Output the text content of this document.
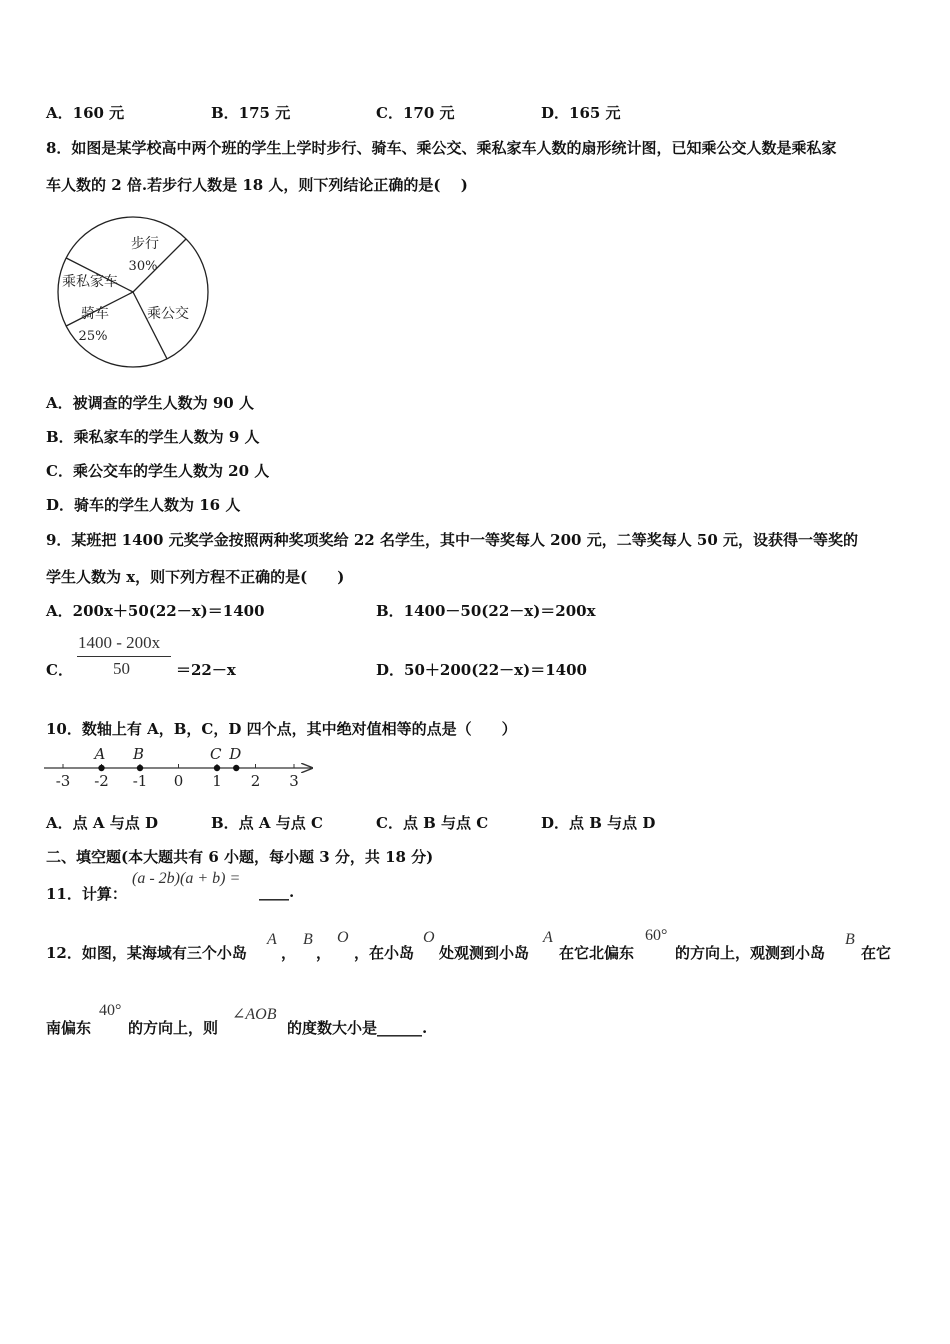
A．160 元	B．175 元	C．170 元	D．165 元
8．如图是某学校高中两个班的学生上学时步行、骑车、乘公交、乘私家车人数的扇形统计图，已知乘公交人数是乘私家
车人数的 2 倍.若步行人数是 18 人，则下列结论正确的是(　 )
步行
30%
乘公交
骑车
25%
乘私家车
A．被调查的学生人数为 90 人
B．乘私家车的学生人数为 9 人
C．乘公交车的学生人数为 20 人
D．骑车的学生人数为 16 人
9．某班把 1400 元奖学金按照两种奖项奖给 22 名学生，其中一等奖每人 200 元，二等奖每人 50 元，设获得一等奖的
学生人数为 x，则下列方程不正确的是(　　)
A．200x＋50(22－x)＝1400	B．1400－50(22－x)＝200x
C．
1400 - 200x
50	＝22－x	D．50＋200(22－x)＝1400
10．数轴上有 A，B，C，D 四个点，其中绝对值相等的点是（　　）
-3 -2 -1 0 1 2 3
A B	C D
A．点 A 与点 D	B．点 A 与点 C	C．点 B 与点 C	D．点 B 与点 D
二、填空题(本大题共有 6 小题，每小题 3 分，共 18 分)
11．计算：
(a - 2b)(a + b) =
____.
12．如图，某海域有三个小岛
A
，
B
，
O
，在小岛
O
处观测到小岛
A
在它北偏东
60°
的方向上，观测到小岛
B
在它
南偏东
40°
的方向上，则
∠AOB
的度数大小是______.
